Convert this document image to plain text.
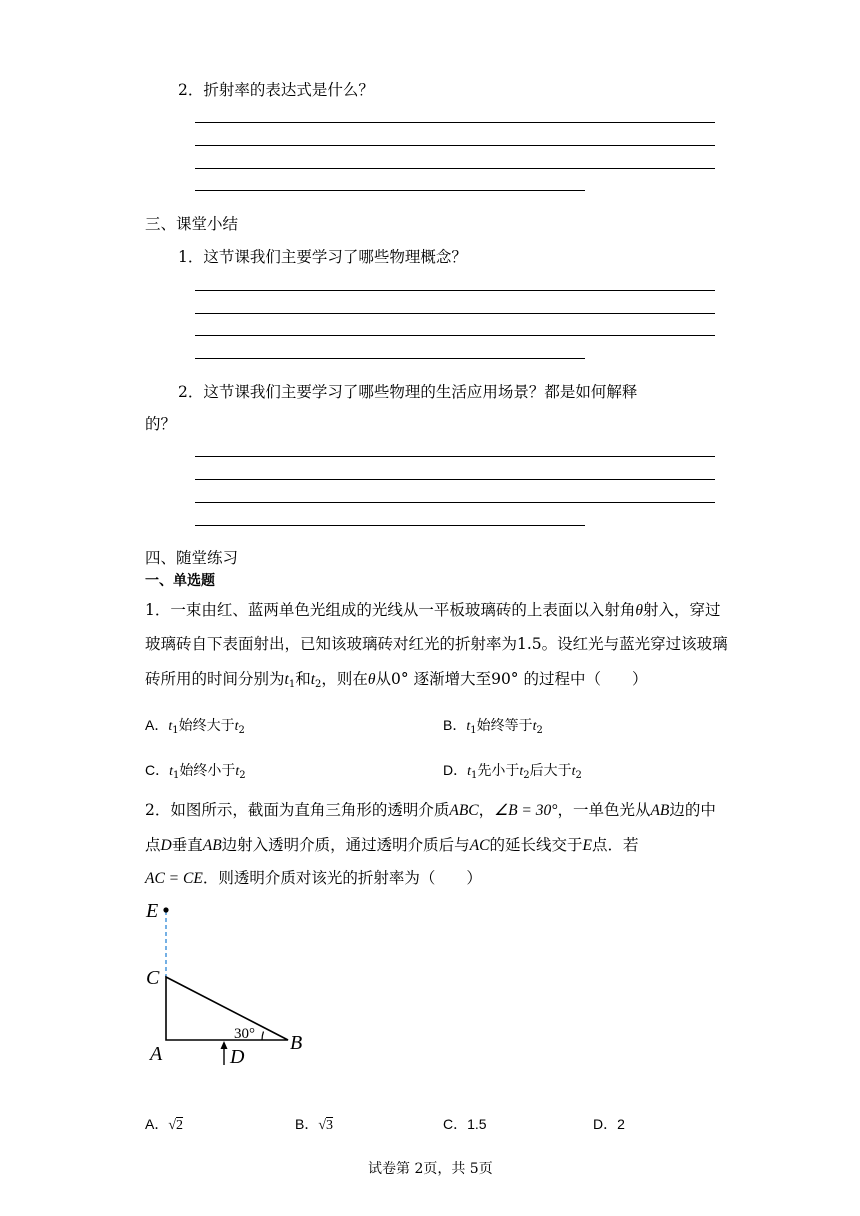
2．折射率的表达式是什么？
三、课堂小结
1．这节课我们主要学习了哪些物理概念？
2．这节课我们主要学习了哪些物理的生活应用场景？都是如何解释
的？
四、随堂练习
一、单选题
1．一束由红、蓝两单色光组成的光线从一平板玻璃砖的上表面以入射角θ射入，穿过
玻璃砖自下表面射出，已知该玻璃砖对红光的折射率为1.5。设红光与蓝光穿过该玻璃
砖所用的时间分别为$t_1$和$t_2$，则在θ从0° 逐渐增大至90° 的过程中（　　）
A．$t_1$始终大于$t_2$	B．$t_1$始终等于$t_2$
C．$t_1$始终小于$t_2$	D．$t_1$先小于$t_2$后大于$t_2$
2．如图所示，截面为直角三角形的透明介质ABC，∠B = 30°，一单色光从AB边的中
点D垂直AB边射入透明介质，通过透明介质后与AC的延长线交于E点．若
AC = CE．则透明介质对该光的折射率为（　　）
E
C
A	D
B
30°
A．√2	B．√3	C．1.5	D．2
试卷第 2页，共 5页
